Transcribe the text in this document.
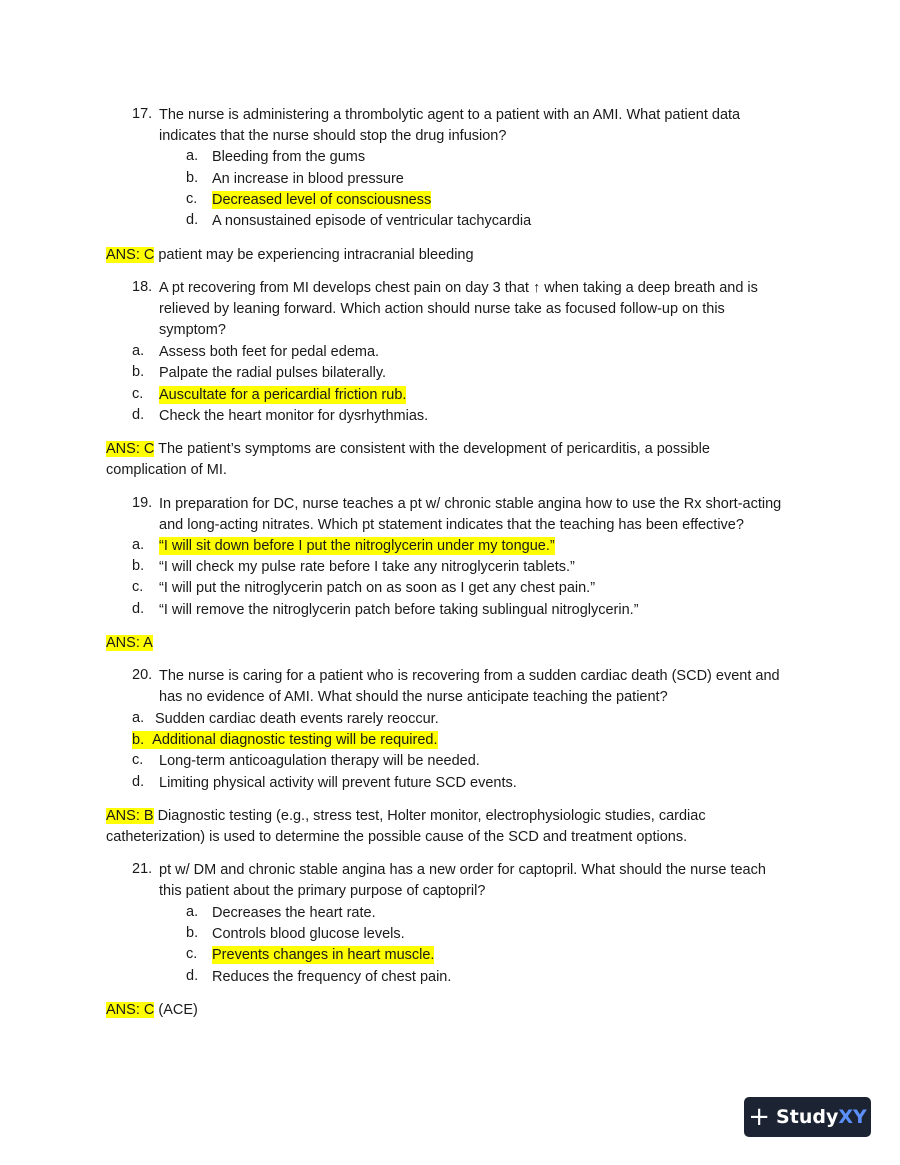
17. The nurse is administering a thrombolytic agent to a patient with an AMI. What patient data
indicates that the nurse should stop the drug infusion?
a. Bleeding from the gums
b. An increase in blood pressure
c. Decreased level of consciousness
d. A nonsustained episode of ventricular tachycardia
ANS: C patient may be experiencing intracranial bleeding
18. A pt recovering from MI develops chest pain on day 3 that ↑ when taking a deep breath and is
relieved by leaning forward. Which action should nurse take as focused follow-up on this
symptom?
a. Assess both feet for pedal edema.
b. Palpate the radial pulses bilaterally.
c. Auscultate for a pericardial friction rub.
d. Check the heart monitor for dysrhythmias.
ANS: C The patient’s symptoms are consistent with the development of pericarditis, a possible
complication of MI.
19. In preparation for DC, nurse teaches a pt w/ chronic stable angina how to use the Rx short-acting
and long-acting nitrates. Which pt statement indicates that the teaching has been effective?
a. “I will sit down before I put the nitroglycerin under my tongue.”
b. “I will check my pulse rate before I take any nitroglycerin tablets.”
c. “I will put the nitroglycerin patch on as soon as I get any chest pain.”
d. “I will remove the nitroglycerin patch before taking sublingual nitroglycerin.”
ANS: A
20. The nurse is caring for a patient who is recovering from a sudden cardiac death (SCD) event and
has no evidence of AMI. What should the nurse anticipate teaching the patient?
a. Sudden cardiac death events rarely reoccur.
b. Additional diagnostic testing will be required.
c. Long-term anticoagulation therapy will be needed.
d. Limiting physical activity will prevent future SCD events.
ANS: B Diagnostic testing (e.g., stress test, Holter monitor, electrophysiologic studies, cardiac
catheterization) is used to determine the possible cause of the SCD and treatment options.
21. pt w/ DM and chronic stable angina has a new order for captopril. What should the nurse teach
this patient about the primary purpose of captopril?
a. Decreases the heart rate.
b. Controls blood glucose levels.
c. Prevents changes in heart muscle.
d. Reduces the frequency of chest pain.
ANS: C (ACE)
+ Study XY
